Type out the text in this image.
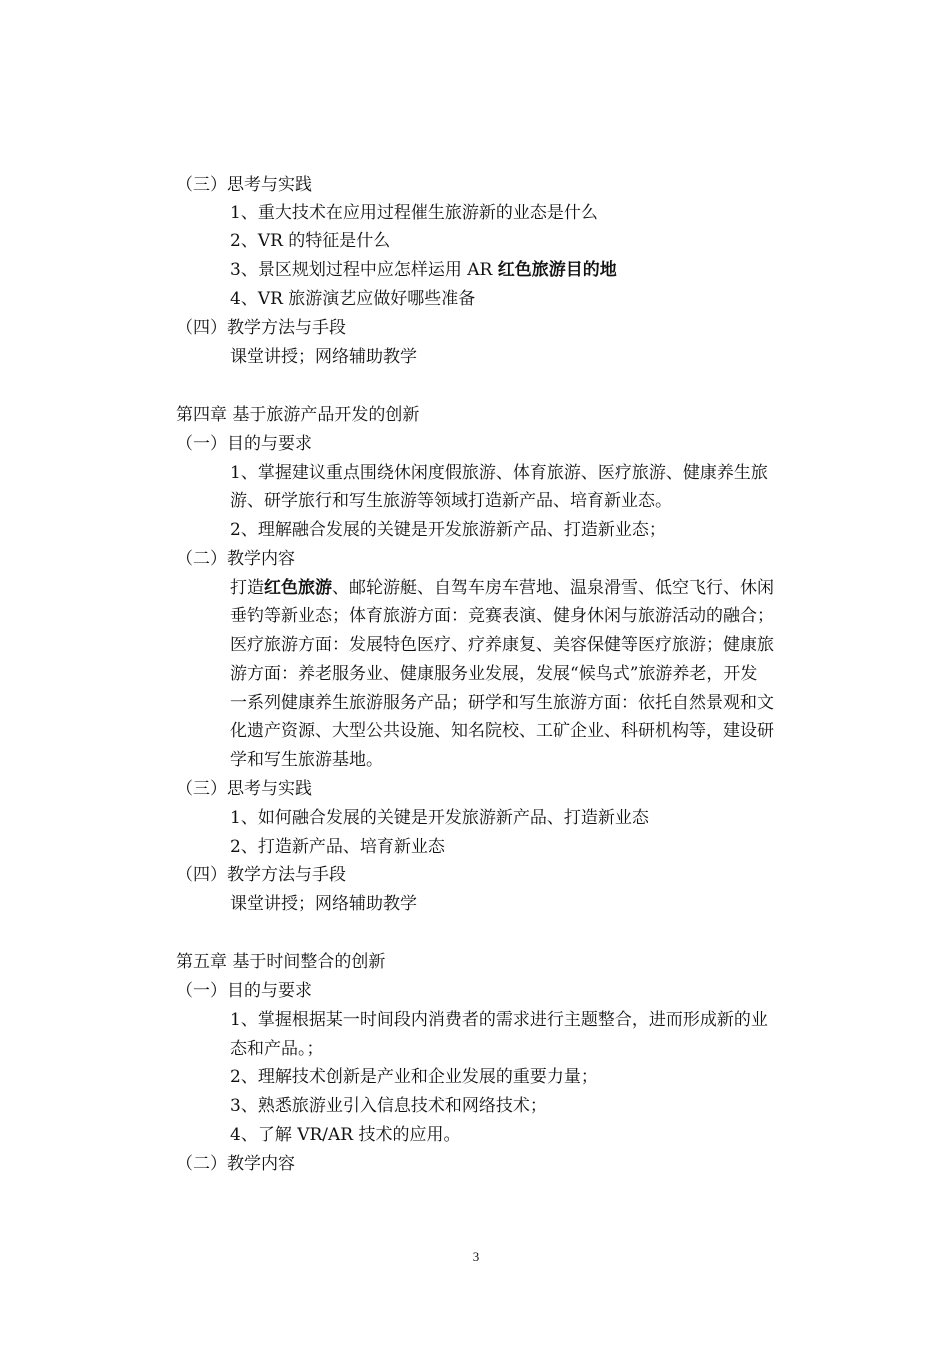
（三）思考与实践
1、重大技术在应用过程催生旅游新的业态是什么
2、VR 的特征是什么
3、景区规划过程中应怎样运用 AR 红色旅游目的地
4、VR 旅游演艺应做好哪些准备
（四）教学方法与手段
课堂讲授；网络辅助教学
第四章 基于旅游产品开发的创新
（一）目的与要求
1、掌握建议重点围绕休闲度假旅游、体育旅游、医疗旅游、健康养生旅
游、研学旅行和写生旅游等领域打造新产品、培育新业态。
2、理解融合发展的关键是开发旅游新产品、打造新业态；
（二）教学内容
打造红色旅游、邮轮游艇、自驾车房车营地、温泉滑雪、低空飞行、休闲
垂钓等新业态；体育旅游方面：竞赛表演、健身休闲与旅游活动的融合；
医疗旅游方面：发展特色医疗、疗养康复、美容保健等医疗旅游；健康旅
游方面：养老服务业、健康服务业发展，发展“候鸟式”旅游养老，开发
一系列健康养生旅游服务产品；研学和写生旅游方面：依托自然景观和文
化遗产资源、大型公共设施、知名院校、工矿企业、科研机构等，建设研
学和写生旅游基地。
（三）思考与实践
1、如何融合发展的关键是开发旅游新产品、打造新业态
2、打造新产品、培育新业态
（四）教学方法与手段
课堂讲授；网络辅助教学
第五章 基于时间整合的创新
（一）目的与要求
1、掌握根据某一时间段内消费者的需求进行主题整合，进而形成新的业
态和产品。；
2、理解技术创新是产业和企业发展的重要力量；
3、熟悉旅游业引入信息技术和网络技术；
4、了解 VR/AR 技术的应用。
（二）教学内容
3
